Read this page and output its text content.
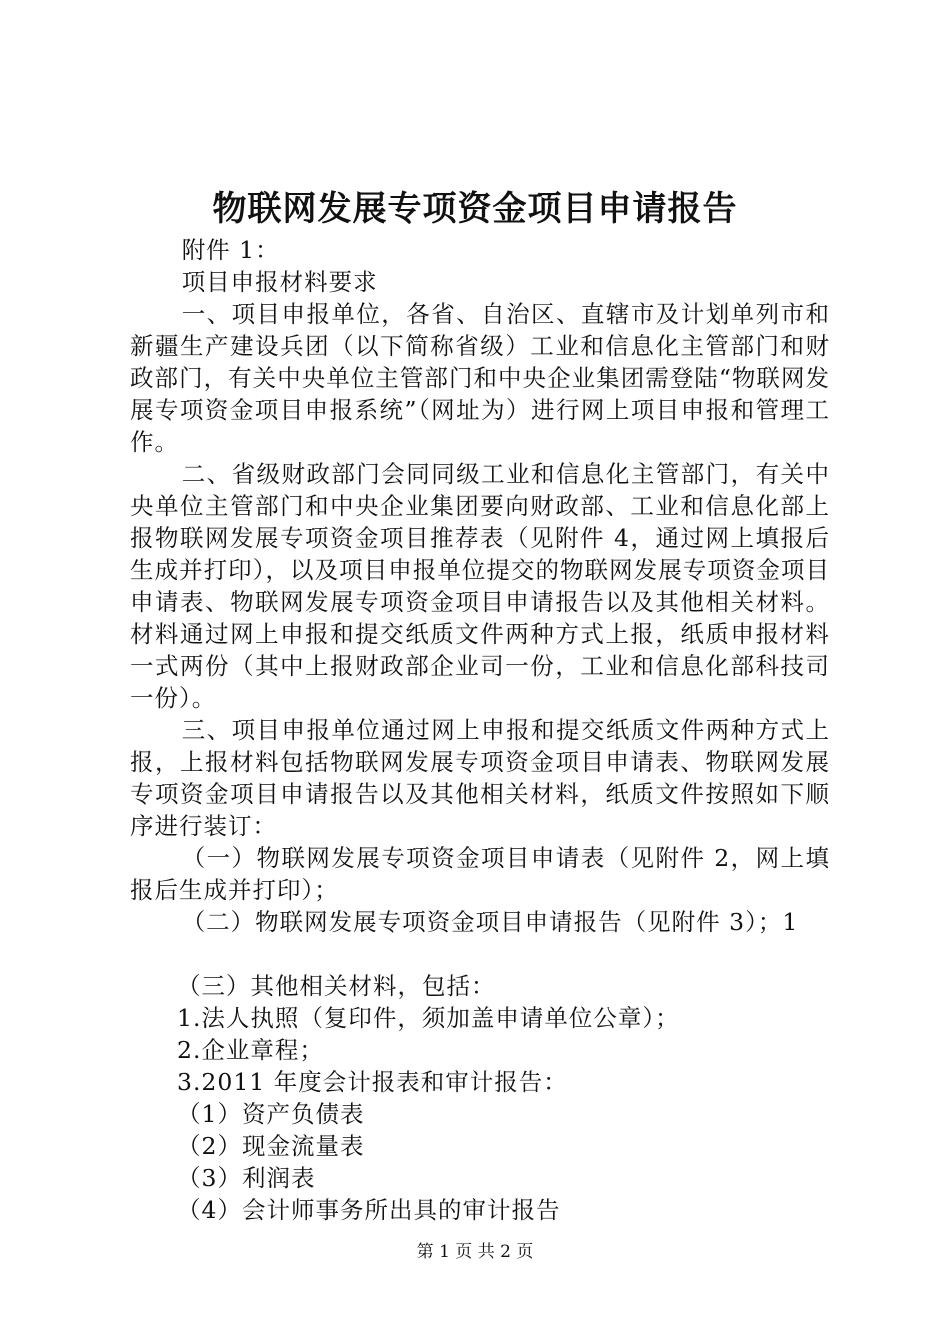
物联网发展专项资金项目申请报告

附件 1：

项目申报材料要求

一、项目申报单位，各省、自治区、直辖市及计划单列市和新疆生产建设兵团（以下简称省级）工业和信息化主管部门和财政部门，有关中央单位主管部门和中央企业集团需登陆“物联网发展专项资金项目申报系统”（网址为）进行网上项目申报和管理工作。

二、省级财政部门会同同级工业和信息化主管部门，有关中央单位主管部门和中央企业集团要向财政部、工业和信息化部上报物联网发展专项资金项目推荐表（见附件 4，通过网上填报后生成并打印），以及项目申报单位提交的物联网发展专项资金项目申请表、物联网发展专项资金项目申请报告以及其他相关材料。材料通过网上申报和提交纸质文件两种方式上报，纸质申报材料一式两份（其中上报财政部企业司一份，工业和信息化部科技司一份）。

三、项目申报单位通过网上申报和提交纸质文件两种方式上报，上报材料包括物联网发展专项资金项目申请表、物联网发展专项资金项目申请报告以及其他相关材料，纸质文件按照如下顺序进行装订：

（一）物联网发展专项资金项目申请表（见附件 2，网上填报后生成并打印）；

（二）物联网发展专项资金项目申请报告（见附件 3）；1

（三）其他相关材料，包括：

1.法人执照（复印件，须加盖申请单位公章）；

2.企业章程；

3.2011 年度会计报表和审计报告：

（1）资产负债表

（2）现金流量表

（3）利润表

（4）会计师事务所出具的审计报告

第 1 页 共 2 页
